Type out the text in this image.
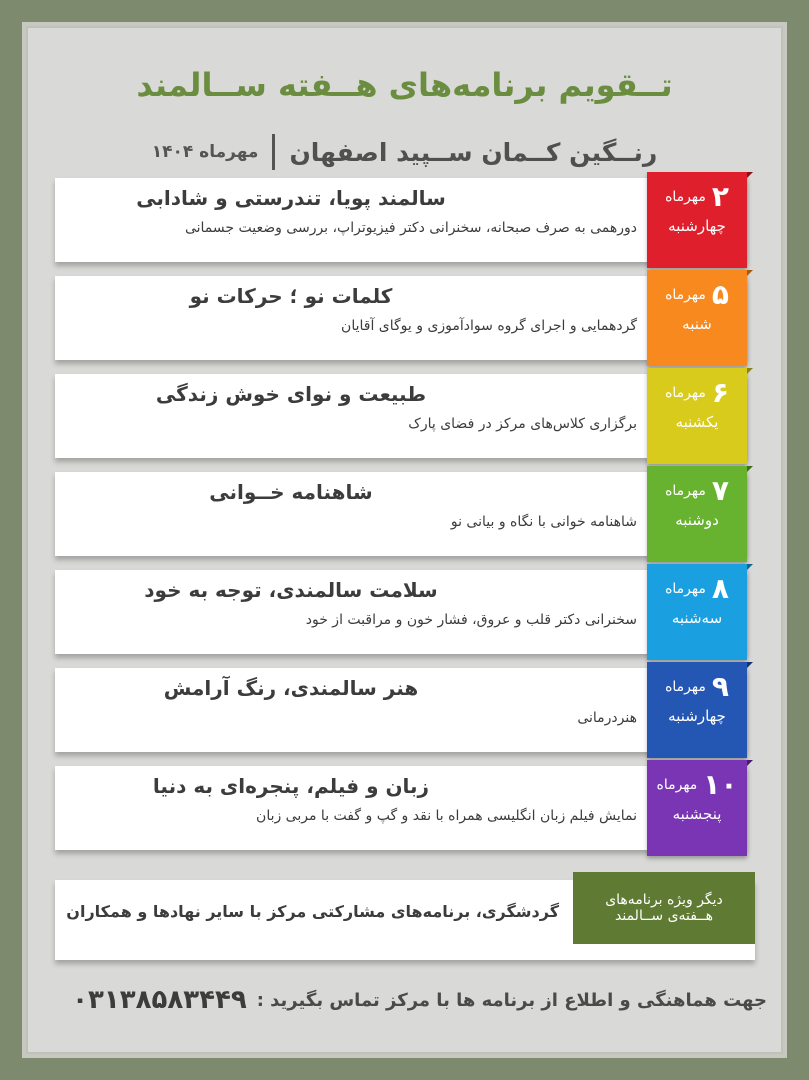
تــقویم برنامه‌های هــفته ســالمند
رنــگین کــمان ســپید اصفهان
مهرماه ۱۴۰۴
۲
مهرماه
چهارشنبه
سالمند پویا، تندرستی و شادابی
دورهمی به صرف صبحانه، سخنرانی دکتر فیزیوتراپ، بررسی وضعیت جسمانی
۵
مهرماه
شنبه
کلمات نو ؛ حرکات نو
گردهمایی و اجرای گروه سوادآموزی و یوگای آقایان
۶
مهرماه
یکشنبه
طبیعت و نوای خوش زندگی
برگزاری کلاس‌های مرکز در فضای پارک
۷
مهرماه
دوشنبه
شاهنامه خــوانی
شاهنامه خوانی با نگاه و بیانی نو
۸
مهرماه
سه‌شنبه
سلامت سالمندی، توجه به خود
سخنرانی دکتر قلب و عروق، فشار خون و مراقبت از خود
۹
مهرماه
چهارشنبه
هنر سالمندی، رنگ آرامش
هنردرمانی
۱۰
مهرماه
پنجشنبه
زبان و فیلم، پنجره‌ای به دنیا
نمایش فیلم زبان انگلیسی همراه با نقد و گپ و گفت با مربی زبان
دیگر ویژه برنامه‌های
هــفته‌ی ســالمند
گردشگری، برنامه‌های مشارکتی مرکز با سایر نهادها و همکاران
جهت هماهنگی و اطلاع از برنامه ها با مرکز تماس بگیرید :
۰۳۱۳۸۵۸۳۴۴۹
